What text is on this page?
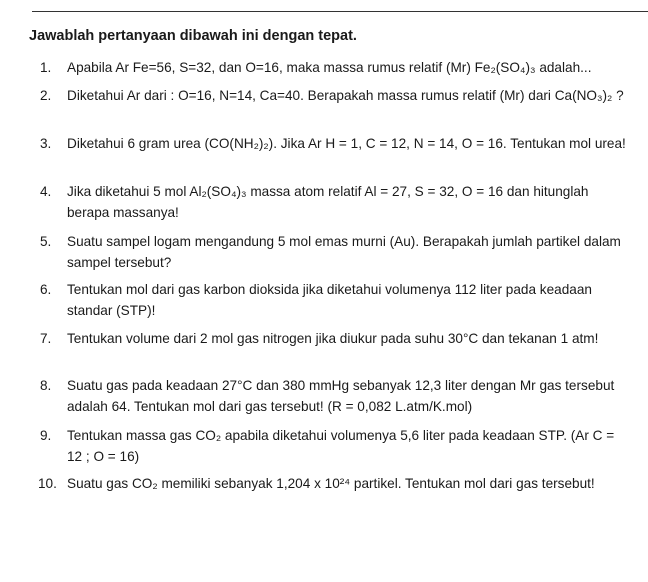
Jawablah pertanyaan dibawah ini dengan tepat.
1.	Apabila Ar Fe=56, S=32, dan O=16, maka massa rumus relatif (Mr) Fe₂(SO₄)₃ adalah...
2.	Diketahui Ar dari : O=16, N=14, Ca=40. Berapakah massa rumus relatif (Mr) dari Ca(NO₃)₂ ?
3.	Diketahui 6 gram urea (CO(NH₂)₂). Jika Ar H = 1, C = 12, N = 14, O = 16. Tentukan mol urea!
4.	Jika diketahui 5 mol Al₂(SO₄)₃ massa atom relatif Al = 27, S = 32, O = 16 dan hitunglah berapa massanya!
5.	Suatu sampel logam mengandung 5 mol emas murni (Au). Berapakah jumlah partikel dalam sampel tersebut?
6.	Tentukan mol dari gas karbon dioksida jika diketahui volumenya 112 liter pada keadaan standar (STP)!
7.	Tentukan volume dari 2 mol gas nitrogen jika diukur pada suhu 30°C dan tekanan 1 atm!
8.	Suatu gas pada keadaan 27°C dan 380 mmHg sebanyak 12,3 liter dengan Mr gas tersebut adalah 64. Tentukan mol dari gas tersebut! (R = 0,082 L.atm/K.mol)
9.	Tentukan massa gas CO₂ apabila diketahui volumenya 5,6 liter pada keadaan STP. (Ar C = 12 ; O = 16)
10. Suatu gas CO₂ memiliki sebanyak 1,204 x 10²⁴ partikel. Tentukan mol dari gas tersebut!
